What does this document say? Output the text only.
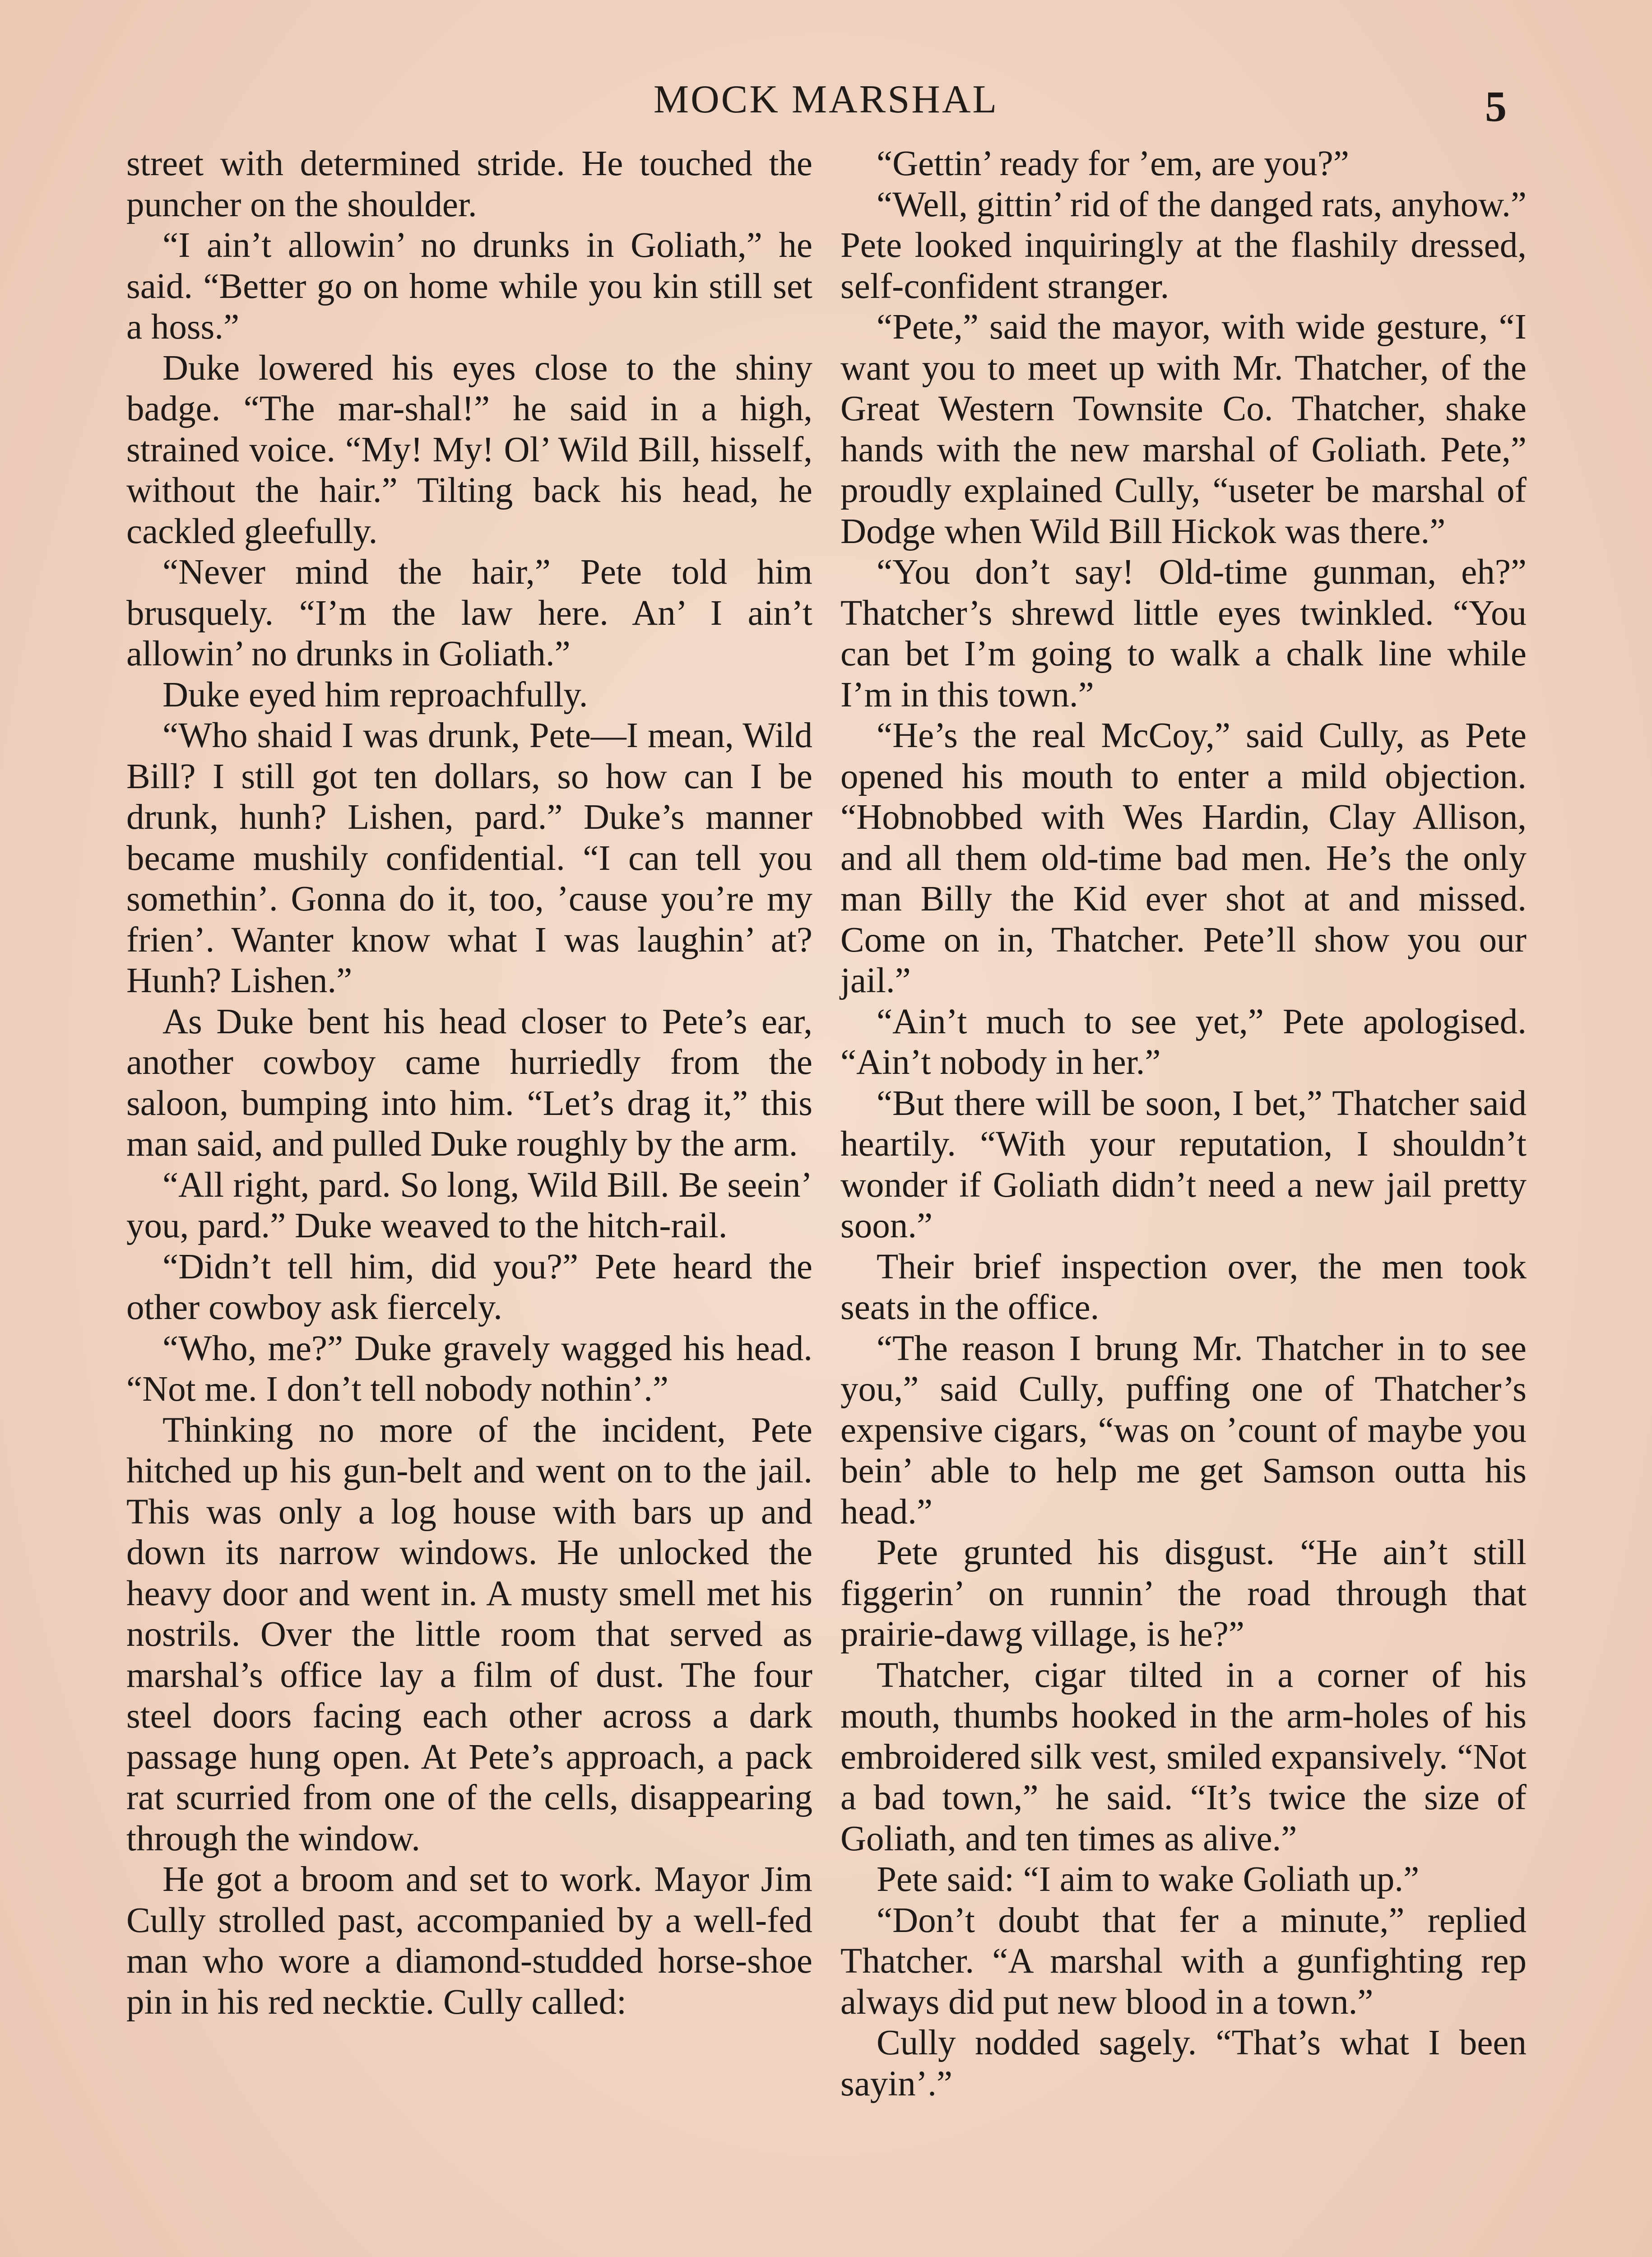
MOCK MARSHAL	5

street with determined stride. He touched the puncher on the shoulder.

“I ain’t allowin’ no drunks in Goliath,” he said. “Better go on home while you kin still set a hoss.”

Duke lowered his eyes close to the shiny badge. “The mar-shal!” he said in a high, strained voice. “My! My! Ol’ Wild Bill, hisself, without the hair.” Tilting back his head, he cackled gleefully.

“Never mind the hair,” Pete told him brusquely. “I’m the law here. An’ I ain’t allowin’ no drunks in Goliath.”

Duke eyed him reproachfully.

“Who shaid I was drunk, Pete—I mean, Wild Bill? I still got ten dollars, so how can I be drunk, hunh? Lishen, pard.” Duke’s manner became mushily confidential. “I can tell you somethin’. Gonna do it, too, ’cause you’re my frien’. Wanter know what I was laughin’ at? Hunh? Lishen.”

As Duke bent his head closer to Pete’s ear, another cowboy came hurriedly from the saloon, bumping into him. “Let’s drag it,” this man said, and pulled Duke roughly by the arm.

“All right, pard. So long, Wild Bill. Be seein’ you, pard.” Duke weaved to the hitch-rail.

“Didn’t tell him, did you?” Pete heard the other cowboy ask fiercely.

“Who, me?” Duke gravely wagged his head. “Not me. I don’t tell nobody nothin’.”

Thinking no more of the incident, Pete hitched up his gun-belt and went on to the jail. This was only a log house with bars up and down its narrow windows. He unlocked the heavy door and went in. A musty smell met his nostrils. Over the little room that served as marshal’s office lay a film of dust. The four steel doors facing each other across a dark passage hung open. At Pete’s approach, a pack rat scurried from one of the cells, disappearing through the window.

He got a broom and set to work. Mayor Jim Cully strolled past, accompanied by a well-fed man who wore a diamond-studded horse-shoe pin in his red necktie. Cully called:

“Gettin’ ready for ’em, are you?”

“Well, gittin’ rid of the danged rats, anyhow.” Pete looked inquiringly at the flashily dressed, self-confident stranger.

“Pete,” said the mayor, with wide gesture, “I want you to meet up with Mr. Thatcher, of the Great Western Townsite Co. Thatcher, shake hands with the new marshal of Goliath. Pete,” proudly explained Cully, “useter be marshal of Dodge when Wild Bill Hickok was there.”

“You don’t say! Old-time gunman, eh?” Thatcher’s shrewd little eyes twinkled. “You can bet I’m going to walk a chalk line while I’m in this town.”

“He’s the real McCoy,” said Cully, as Pete opened his mouth to enter a mild objection. “Hobnobbed with Wes Hardin, Clay Allison, and all them old-time bad men. He’s the only man Billy the Kid ever shot at and missed. Come on in, Thatcher. Pete’ll show you our jail.”

“Ain’t much to see yet,” Pete apologised. “Ain’t nobody in her.”

“But there will be soon, I bet,” Thatcher said heartily. “With your reputation, I shouldn’t wonder if Goliath didn’t need a new jail pretty soon.”

Their brief inspection over, the men took seats in the office.

“The reason I brung Mr. Thatcher in to see you,” said Cully, puffing one of Thatcher’s expensive cigars, “was on ’count of maybe you bein’ able to help me get Samson outta his head.”

Pete grunted his disgust. “He ain’t still figgerin’ on runnin’ the road through that prairie-dawg village, is he?”

Thatcher, cigar tilted in a corner of his mouth, thumbs hooked in the arm-holes of his embroidered silk vest, smiled expansively. “Not a bad town,” he said. “It’s twice the size of Goliath, and ten times as alive.”

Pete said: “I aim to wake Goliath up.”

“Don’t doubt that fer a minute,” replied Thatcher. “A marshal with a gunfighting rep always did put new blood in a town.”

Cully nodded sagely. “That’s what I been sayin’.”
